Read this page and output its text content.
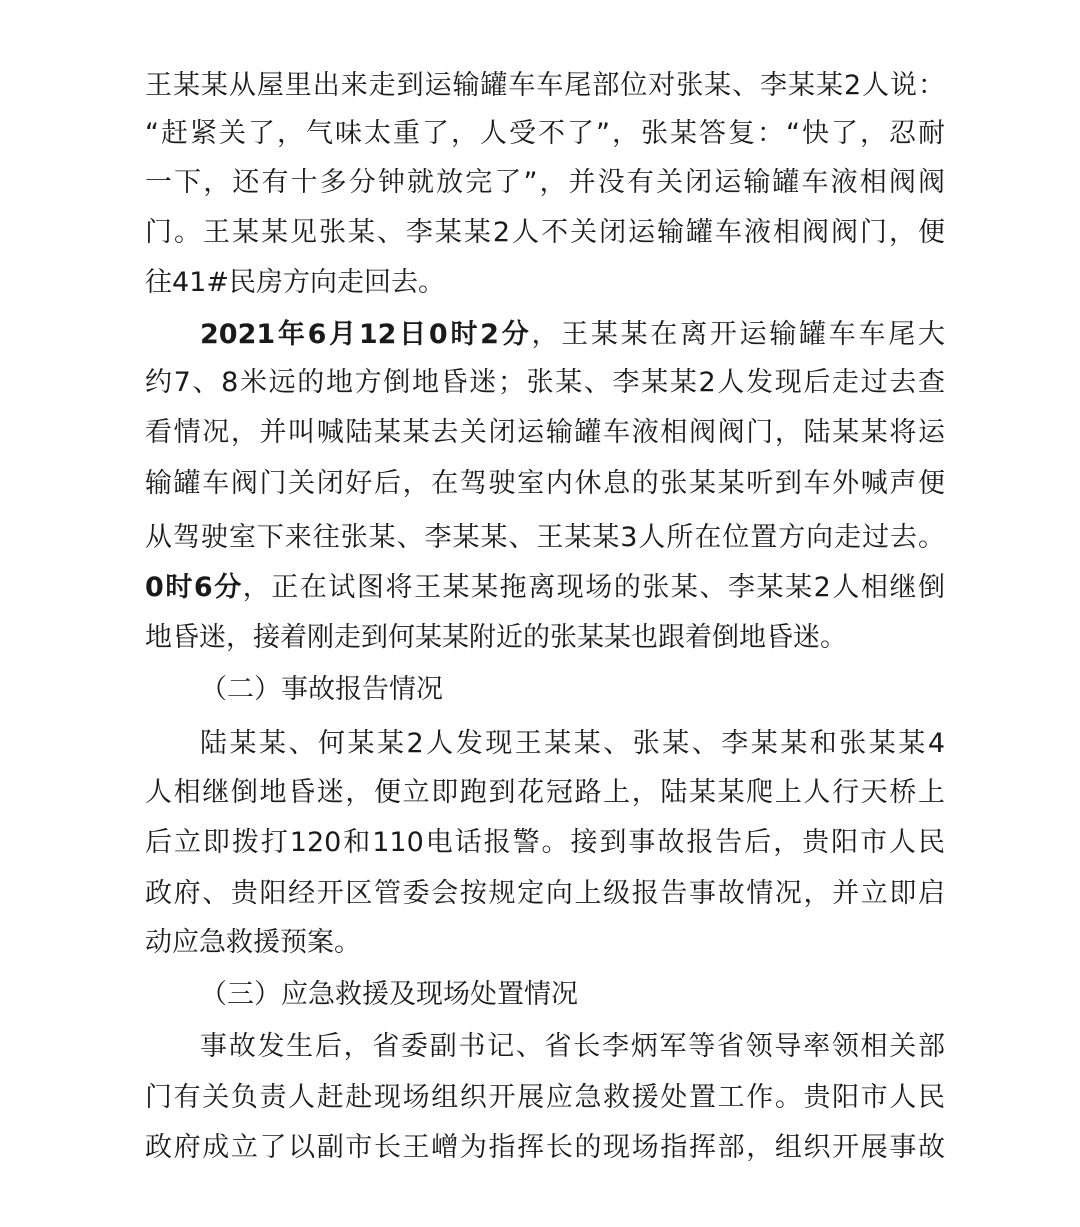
王某某从屋里出来走到运输罐车车尾部位对张某、李某某2人说：
“赶紧关了，气味太重了，人受不了”，张某答复：“快了，忍耐
一下，还有十多分钟就放完了”，并没有关闭运输罐车液相阀阀
门。王某某见张某、李某某2人不关闭运输罐车液相阀阀门，便
往41#民房方向走回去。
2021年6月12日0时2分，王某某在离开运输罐车车尾大
约7、8米远的地方倒地昏迷；张某、李某某2人发现后走过去查
看情况，并叫喊陆某某去关闭运输罐车液相阀阀门，陆某某将运
输罐车阀门关闭好后，在驾驶室内休息的张某某听到车外喊声便
从驾驶室下来往张某、李某某、王某某3人所在位置方向走过去。
0时6分，正在试图将王某某拖离现场的张某、李某某2人相继倒
地昏迷，接着刚走到何某某附近的张某某也跟着倒地昏迷。
（二）事故报告情况
陆某某、何某某2人发现王某某、张某、李某某和张某某4
人相继倒地昏迷，便立即跑到花冠路上，陆某某爬上人行天桥上
后立即拨打120和110电话报警。接到事故报告后，贵阳市人民
政府、贵阳经开区管委会按规定向上级报告事故情况，并立即启
动应急救援预案。
（三）应急救援及现场处置情况
事故发生后，省委副书记、省长李炳军等省领导率领相关部
门有关负责人赶赴现场组织开展应急救援处置工作。贵阳市人民
政府成立了以副市长王嶒为指挥长的现场指挥部，组织开展事故
